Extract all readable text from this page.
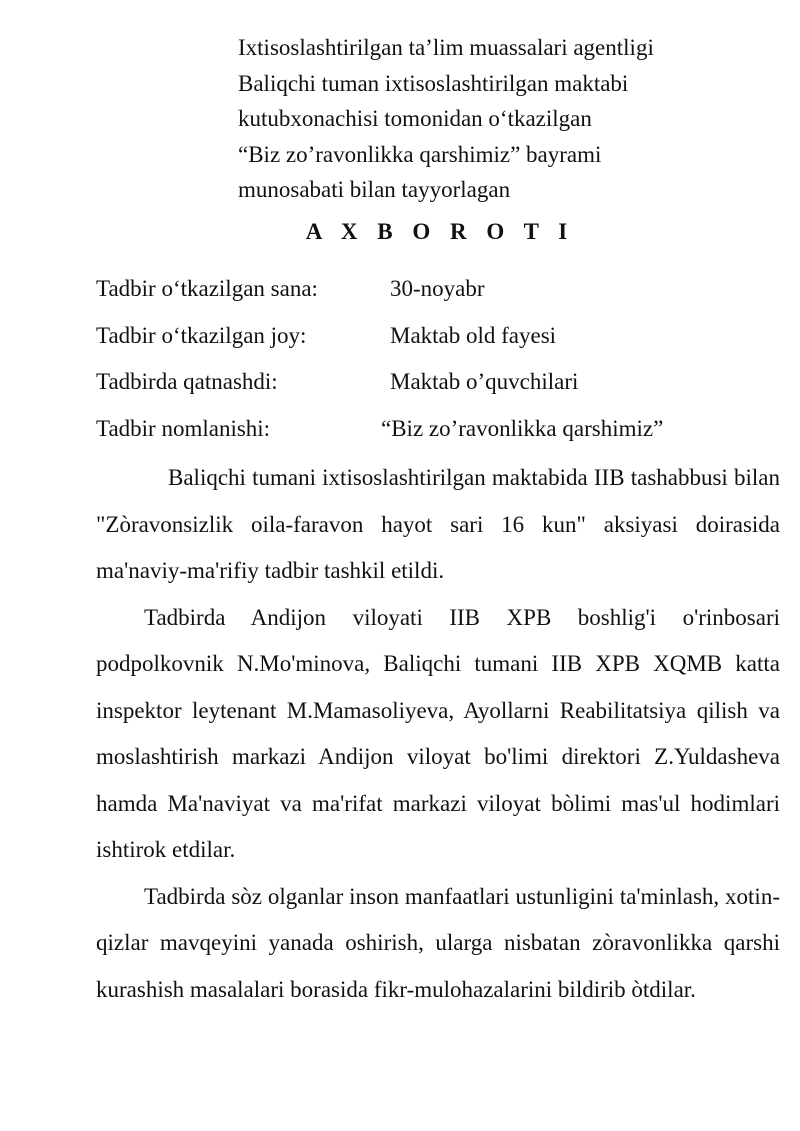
Ixtisoslashtirilgan ta’lim muassalari agentligi
Baliqchi tuman ixtisoslashtirilgan maktabi
kutubxonachisi tomonidan o‘tkazilgan
“Biz zo’ravonlikka qarshimiz” bayrami
munosabati bilan tayyorlagan
A X B O R O T I
Tadbir o‘tkazilgan sana:	30-noyabr
Tadbir o‘tkazilgan joy:	Maktab old fayesi
Tadbirda qatnashdi:	Maktab o’quvchilari
Tadbir nomlanishi:	“Biz zo’ravonlikka qarshimiz”

Baliqchi tumani ixtisoslashtirilgan maktabida IIB tashabbusi bilan "Zòravonsizlik oila-faravon hayot sari 16 kun" aksiyasi doirasida ma'naviy-ma'rifiy tadbir tashkil etildi.

Tadbirda Andijon viloyati IIB XPB boshlig'i o'rinbosari podpolkovnik N.Mo'minova, Baliqchi tumani IIB XPB XQMB katta inspektor leytenant M.Mamasoliyeva, Ayollarni Reabilitatsiya qilish va moslashtirish markazi Andijon viloyat bo'limi direktori Z.Yuldasheva hamda Ma'naviyat va ma'rifat markazi viloyat bòlimi mas'ul hodimlari ishtirok etdilar.

Tadbirda sòz olganlar inson manfaatlari ustunligini ta'minlash, xotin-qizlar mavqeyini yanada oshirish, ularga nisbatan zòravonlikka qarshi kurashish masalalari borasida fikr-mulohazalarini bildirib òtdilar.
